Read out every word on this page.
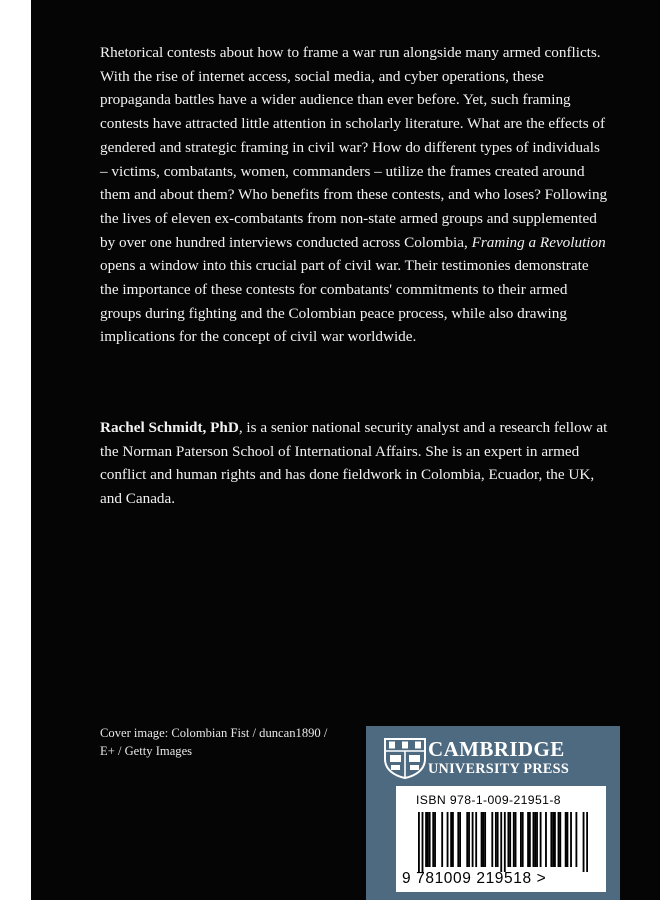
Rhetorical contests about how to frame a war run alongside many armed conflicts. With the rise of internet access, social media, and cyber operations, these propaganda battles have a wider audience than ever before. Yet, such framing contests have attracted little attention in scholarly literature. What are the effects of gendered and strategic framing in civil war? How do different types of individuals – victims, combatants, women, commanders – utilize the frames created around them and about them? Who benefits from these contests, and who loses? Following the lives of eleven ex-combatants from non-state armed groups and supplemented by over one hundred interviews conducted across Colombia, Framing a Revolution opens a window into this crucial part of civil war. Their testimonies demonstrate the importance of these contests for combatants' commitments to their armed groups during fighting and the Colombian peace process, while also drawing implications for the concept of civil war worldwide.

Rachel Schmidt, PhD, is a senior national security analyst and a research fellow at the Norman Paterson School of International Affairs. She is an expert in armed conflict and human rights and has done fieldwork in Colombia, Ecuador, the UK, and Canada.

Cover image: Colombian Fist / duncan1890 /
E+ / Getty Images	CAMBRIDGE
UNIVERSITY PRESS
ISBN 978-1-009-21951-8
9 781009 219518 >
